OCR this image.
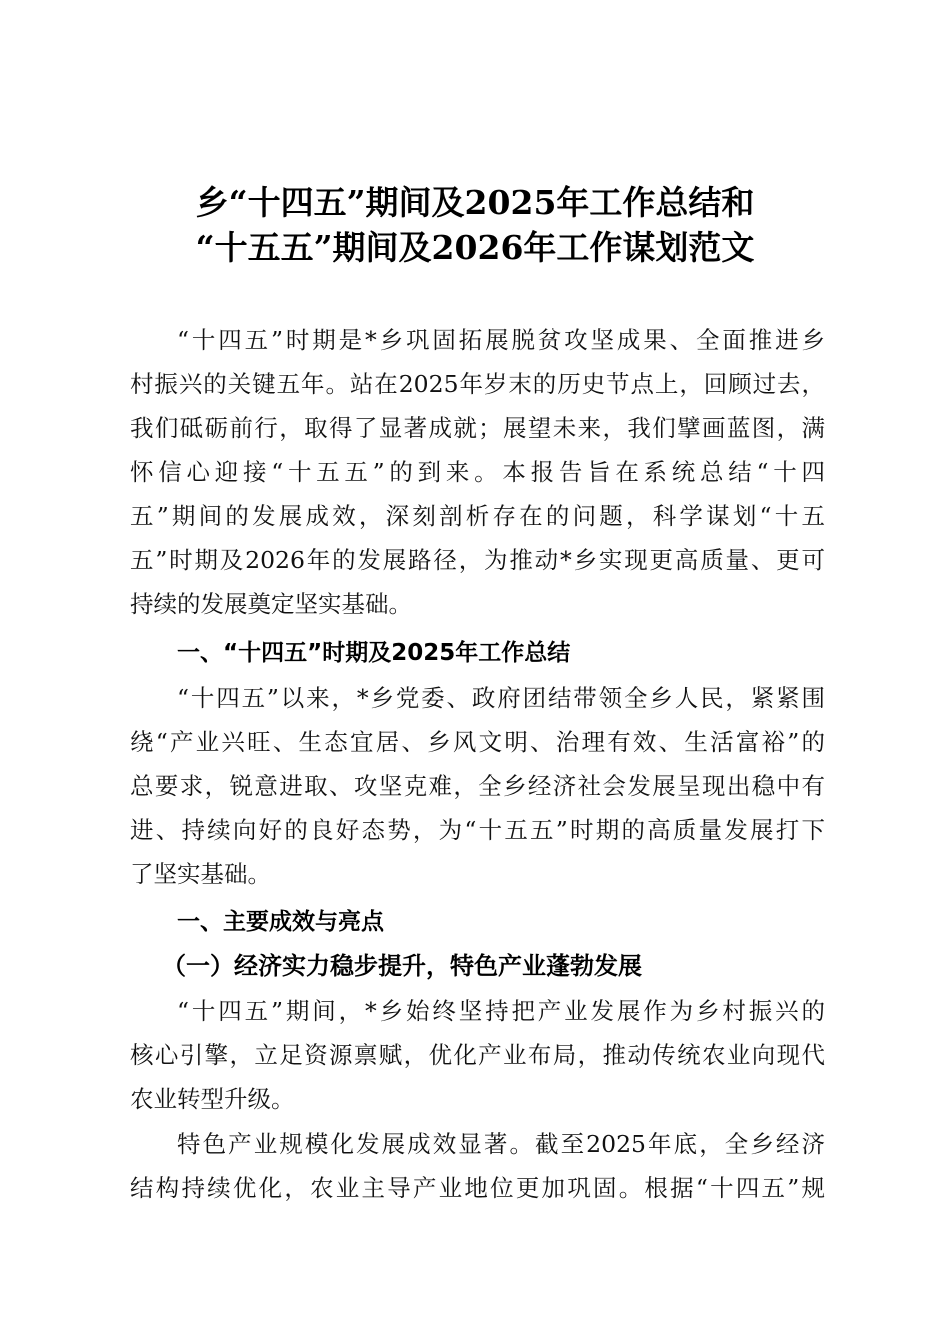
乡“十四五”期间及2025年工作总结和
“十五五”期间及2026年工作谋划范文
“十四五”时期是*乡巩固拓展脱贫攻坚成果、全面推进乡
村振兴的关键五年。站在2025年岁末的历史节点上，回顾过去，
我们砥砺前行，取得了显著成就；展望未来，我们擘画蓝图，满
怀信心迎接“十五五”的到来。本报告旨在系统总结“十四
五”期间的发展成效，深刻剖析存在的问题，科学谋划“十五
五”时期及2026年的发展路径，为推动*乡实现更高质量、更可
持续的发展奠定坚实基础。
一、“十四五”时期及2025年工作总结
“十四五”以来，*乡党委、政府团结带领全乡人民，紧紧围
绕“产业兴旺、生态宜居、乡风文明、治理有效、生活富裕”的
总要求，锐意进取、攻坚克难，全乡经济社会发展呈现出稳中有
进、持续向好的良好态势，为“十五五”时期的高质量发展打下
了坚实基础。
一、主要成效与亮点
（一）经济实力稳步提升，特色产业蓬勃发展
“十四五”期间，*乡始终坚持把产业发展作为乡村振兴的
核心引擎，立足资源禀赋，优化产业布局，推动传统农业向现代
农业转型升级。
特色产业规模化发展成效显著。截至2025年底，全乡经济
结构持续优化，农业主导产业地位更加巩固。根据“十四五”规
